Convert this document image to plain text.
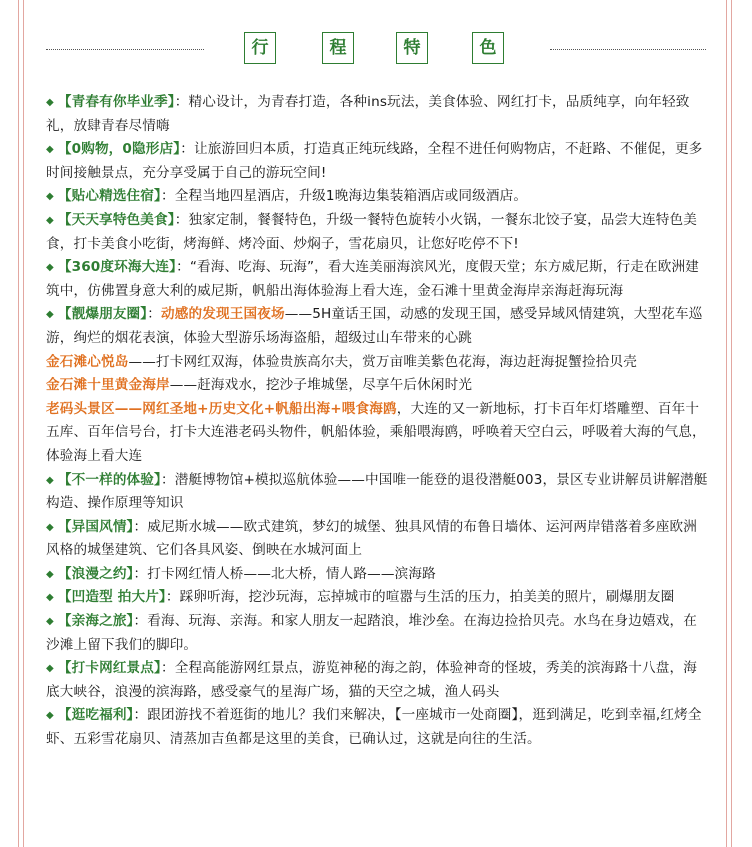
行	程	特	色

◆ 【青春有你毕业季】：精心设计，为青春打造，各种ins玩法，美食体验、网红打卡，品质纯享，向年轻致礼，放肆青春尽情嗨

◆ 【0购物，0隐形店】：让旅游回归本质，打造真正纯玩线路，全程不进任何购物店，不赶路、不催促，更多时间接触景点，充分享受属于自己的游玩空间!

◆ 【贴心精选住宿】：全程当地四星酒店，升级1晚海边集装箱酒店或同级酒店。

◆ 【天天享特色美食】：独家定制，餐餐特色，升级一餐特色旋转小火锅，一餐东北饺子宴，品尝大连特色美食，打卡美食小吃街，烤海鲜、烤冷面、炒焖子，雪花扇贝，让您好吃停不下!

◆ 【360度环海大连】：“看海、吃海、玩海”，看大连美丽海滨风光，度假天堂；东方威尼斯，行走在欧洲建筑中，仿佛置身意大利的威尼斯，帆船出海体验海上看大连，金石滩十里黄金海岸亲海赶海玩海

◆ 【靓爆朋友圈】：动感的发现王国夜场——5H童话王国，动感的发现王国，感受异域风情建筑，大型花车巡游，绚烂的烟花表演，体验大型游乐场海盗船，超级过山车带来的心跳

金石滩心悦岛——打卡网红双海，体验贵族高尔夫，赏万亩唯美紫色花海，海边赶海捉蟹捡拾贝壳

金石滩十里黄金海岸——赶海戏水，挖沙子堆城堡，尽享午后休闲时光

老码头景区——网红圣地+历史文化+帆船出海+喂食海鸥，大连的又一新地标，打卡百年灯塔雕塑、百年十五库、百年信号台，打卡大连港老码头物件，帆船体验，乘船喂海鸥，呼唤着天空白云，呼吸着大海的气息，体验海上看大连

◆ 【不一样的体验】：潜艇博物馆+模拟巡航体验——中国唯一能登的退役潜艇003，景区专业讲解员讲解潜艇构造、操作原理等知识

◆ 【异国风情】：威尼斯水城——欧式建筑，梦幻的城堡、独具风情的布鲁日墙体、运河两岸错落着多座欧洲风格的城堡建筑、它们各具风姿、倒映在水城河面上

◆ 【浪漫之约】：打卡网红情人桥——北大桥，情人路——滨海路

◆ 【凹造型 拍大片】：踩卵听海，挖沙玩海，忘掉城市的喧嚣与生活的压力，拍美美的照片，刷爆朋友圈

◆ 【亲海之旅】：看海、玩海、亲海。和家人朋友一起踏浪，堆沙垒。在海边捡拾贝壳。水鸟在身边嬉戏，在沙滩上留下我们的脚印。

◆ 【打卡网红景点】：全程高能游网红景点，游览神秘的海之韵，体验神奇的怪坡，秀美的滨海路十八盘，海底大峡谷，浪漫的滨海路，感受豪气的星海广场，猫的天空之城，渔人码头

◆ 【逛吃福利】：跟团游找不着逛街的地儿？我们来解决，【一座城市一处商圈】，逛到满足，吃到幸福,红烤全虾、五彩雪花扇贝、清蒸加吉鱼都是这里的美食，已确认过，这就是向往的生活。
